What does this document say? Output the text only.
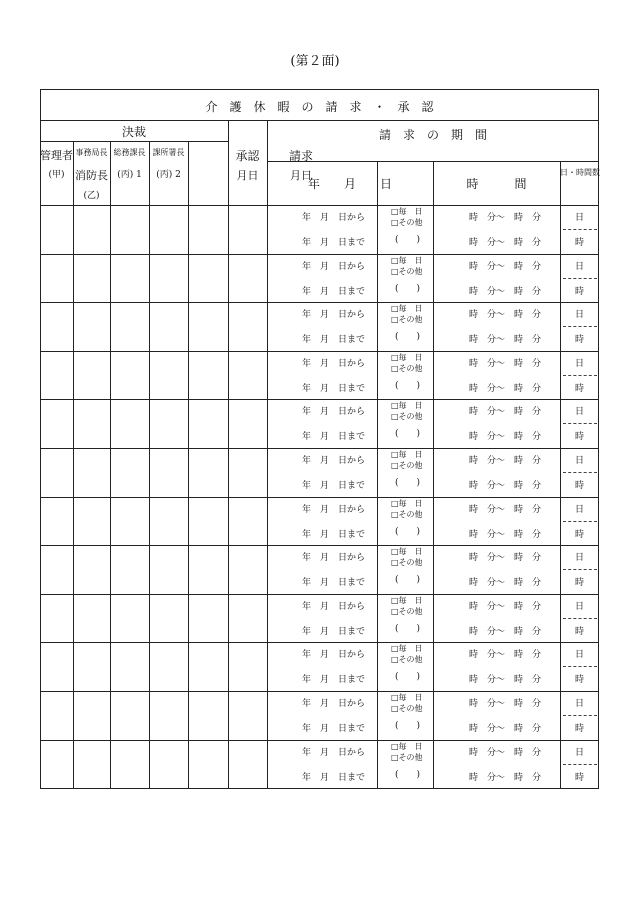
(第２面)
介　護　休　暇　の　請　求　・　承　認
決裁
管理者
(甲)
事務局長
消防長
(乙)
総務課長
(丙) 1
課所署長
(丙) 2
承認
月日
請求
月日
請　求　の　期　間
年　　月　　日	時　　　間
日・時間数
年　月　日から
年　月　日まで
□毎　日
□その他
(　　)
時　分〜　時　分
時　分〜　時　分
日
時
年　月　日から
年　月　日まで
□毎　日
□その他
(　　)
時　分〜　時　分
時　分〜　時　分
日
時
年　月　日から
年　月　日まで
□毎　日
□その他
(　　)
時　分〜　時　分
時　分〜　時　分
日
時
年　月　日から
年　月　日まで
□毎　日
□その他
(　　)
時　分〜　時　分
時　分〜　時　分
日
時
年　月　日から
年　月　日まで
□毎　日
□その他
(　　)
時　分〜　時　分
時　分〜　時　分
日
時
年　月　日から
年　月　日まで
□毎　日
□その他
(　　)
時　分〜　時　分
時　分〜　時　分
日
時
年　月　日から
年　月　日まで
□毎　日
□その他
(　　)
時　分〜　時　分
時　分〜　時　分
日
時
年　月　日から
年　月　日まで
□毎　日
□その他
(　　)
時　分〜　時　分
時　分〜　時　分
日
時
年　月　日から
年　月　日まで
□毎　日
□その他
(　　)
時　分〜　時　分
時　分〜　時　分
日
時
年　月　日から
年　月　日まで
□毎　日
□その他
(　　)
時　分〜　時　分
時　分〜　時　分
日
時
年　月　日から
年　月　日まで
□毎　日
□その他
(　　)
時　分〜　時　分
時　分〜　時　分
日
時
年　月　日から
年　月　日まで
□毎　日
□その他
(　　)
時　分〜　時　分
時　分〜　時　分
日
時
